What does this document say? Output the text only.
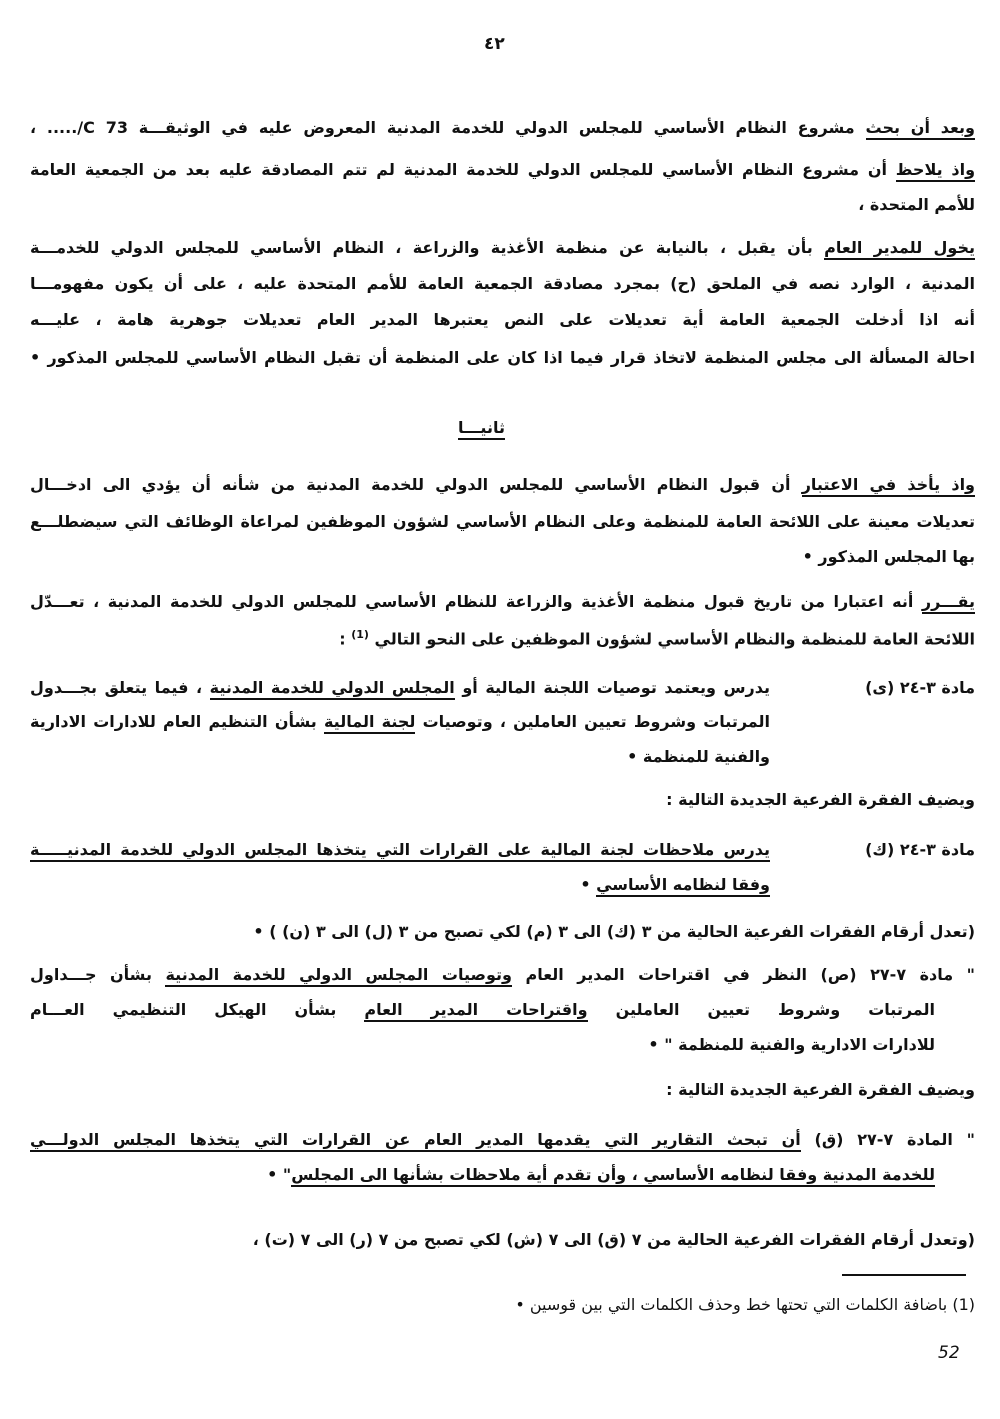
٤٢
وبعد أن بحث مشروع النظام الأساسي للمجلس الدولي للخدمة المدنية المعروض عليه في الوثيقـــة C 73/..... ،
واذ يلاحظ أن مشروع النظام الأساسي للمجلس الدولي للخدمة المدنية لم تتم المصادقة عليه بعد من الجمعية العامة
للأمم المتحدة ،
يخول للمدير العام بأن يقبل ، بالنيابة عن منظمة الأغذية والزراعة ، النظام الأساسي للمجلس الدولي للخدمـــة
المدنية ، الوارد نصه في الملحق (ح) بمجرد مصادقة الجمعية العامة للأمم المتحدة عليه ، على أن يكون مفهومـــا
أنه اذا أدخلت الجمعية العامة أية تعديلات على النص يعتبرها المدير العام تعديلات جوهرية هامة ، عليـــه
احالة المسألة الى مجلس المنظمة لاتخاذ قرار فيما اذا كان على المنظمة أن تقبل النظام الأساسي للمجلس المذكور •
ثانيـــا
واذ يأخذ في الاعتبار أن قبول النظام الأساسي للمجلس الدولي للخدمة المدنية من شأنه أن يؤدي الى ادخـــال
تعديلات معينة على اللائحة العامة للمنظمة وعلى النظام الأساسي لشؤون الموظفين لمراعاة الوظائف التي سيضطلـــع
بها المجلس المذكور •
يقـــرر أنه اعتبارا من تاريخ قبول منظمة الأغذية والزراعة للنظام الأساسي للمجلس الدولي للخدمة المدنية ، تعـــدّل
اللائحة العامة للمنظمة والنظام الأساسي لشؤون الموظفين على النحو التالي $^{(1)}$ :
مادة ٣-٢٤ (ى)
يدرس ويعتمد توصيات اللجنة المالية أو المجلس الدولي للخدمة المدنية ، فيما يتعلق بجـــدول
المرتبات وشروط تعيين العاملين ، وتوصيات لجنة المالية بشأن التنظيم العام للادارات الادارية
والفنية للمنظمة •
ويضيف الفقرة الفرعية الجديدة التالية :
مادة ٣-٢٤ (ك)
يدرس ملاحظات لجنة المالية على القرارات التي يتخذها المجلس الدولي للخدمة المدنيـــــة
وفقا لنظامه الأساسي •
(تعدل أرقام الفقرات الفرعية الحالية من ٣ (ك) الى ٣ (م) لكي تصبح من ٣ (ل) الى ٣ (ن) ) •
" مادة ٧-٢٧ (ص) النظر في اقتراحات المدير العام وتوصيات المجلس الدولي للخدمة المدنية بشأن جـــداول
المرتبات وشروط تعيين العاملين واقتراحات المدير العام بشأن الهيكل التنظيمي العـــام
للادارات الادارية والفنية للمنظمة " •
ويضيف الفقرة الفرعية الجديدة التالية :
" المادة ٧-٢٧ (ق) أن تبحث التقارير التي يقدمها المدير العام عن القرارات التي يتخذها المجلس الدولـــي
للخدمة المدنية وفقا لنظامه الأساسي ، وأن تقدم أية ملاحظات بشأنها الى المجلس" •
(وتعدل أرقام الفقرات الفرعية الحالية من ٧ (ق) الى ٧ (ش) لكي تصبح من ٧ (ر) الى ٧ (ت) ،
(1) باضافة الكلمات التي تحتها خط وحذف الكلمات التي بين قوسين •
52
